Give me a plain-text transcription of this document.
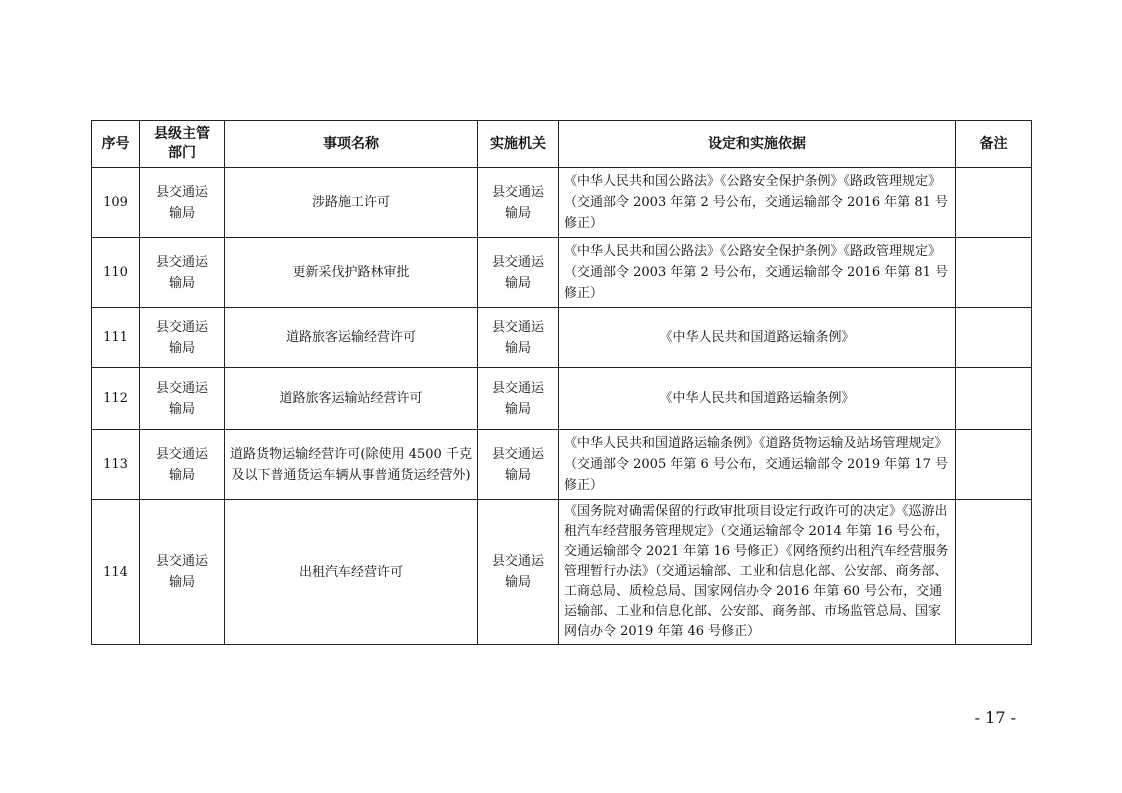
序号	县级主管部门	事项名称	实施机关	设定和实施依据	备注
109	县交通运输局	涉路施工许可	县交通运输局	《中华人民共和国公路法》《公路安全保护条例》《路政管理规定》（交通部令 2003 年第 2 号公布，交通运输部令 2016 年第 81 号修正）	
110	县交通运输局	更新采伐护路林审批	县交通运输局	《中华人民共和国公路法》《公路安全保护条例》《路政管理规定》（交通部令 2003 年第 2 号公布，交通运输部令 2016 年第 81 号修正）	
111	县交通运输局	道路旅客运输经营许可	县交通运输局	《中华人民共和国道路运输条例》	
112	县交通运输局	道路旅客运输站经营许可	县交通运输局	《中华人民共和国道路运输条例》	
113	县交通运输局	道路货物运输经营许可(除使用 4500 千克及以下普通货运车辆从事普通货运经营外)	县交通运输局	《中华人民共和国道路运输条例》《道路货物运输及站场管理规定》（交通部令 2005 年第 6 号公布，交通运输部令 2019 年第 17 号修正）	
114	县交通运输局	出租汽车经营许可	县交通运输局	《国务院对确需保留的行政审批项目设定行政许可的决定》《巡游出租汽车经营服务管理规定》（交通运输部令 2014 年第 16 号公布，交通运输部令 2021 年第 16 号修正）《网络预约出租汽车经营服务管理暂行办法》（交通运输部、工业和信息化部、公安部、商务部、工商总局、质检总局、国家网信办令 2016 年第 60 号公布，交通运输部、工业和信息化部、公安部、商务部、市场监管总局、国家网信办令 2019 年第 46 号修正）	
- 17 -
